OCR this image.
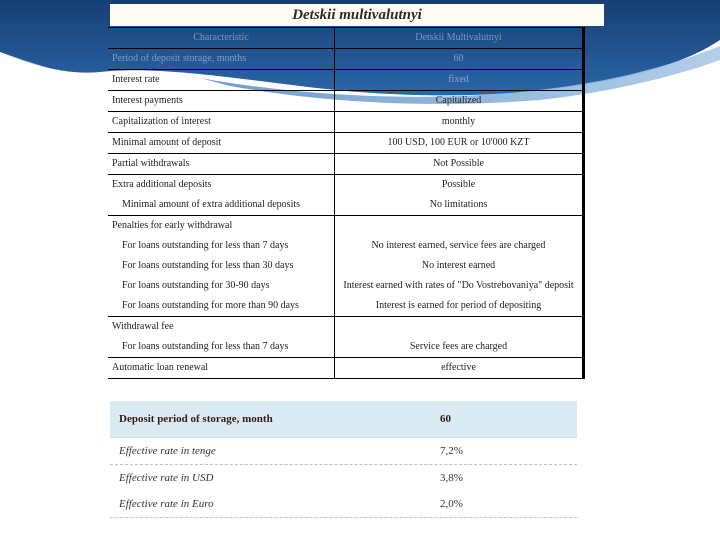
Detskii multivalutnyi
Characteristic	Detskii Multivalutnyi
Period of deposit storage, months	60
Interest rate	fixed
Interest payments	Capitalized
Capitalization of interest	monthly
Minimal amount of deposit	100 USD, 100 EUR or 10'000 KZT
Partial withdrawals	Not Possible
Extra additional deposits	Possible
Minimal amount of extra additional deposits	No limitations
Penalties for early withdrawal	
For loans outstanding for less than 7 days	No interest earned, service fees are charged
For loans outstanding for less than 30 days	No interest earned
For loans outstanding for 30-90 days	Interest earned with rates of "Do Vostrebovaniya" deposit
For loans outstanding for more than 90 days	Interest is earned for period of depositing
Withdrawal fee	
For loans outstanding for less than 7 days	Service fees are charged
Automatic loan renewal	effective
Deposit period of storage, month	60
Effective rate in tenge	7,2%
Effective rate in USD	3,8%
Effective rate in Euro	2,0%
